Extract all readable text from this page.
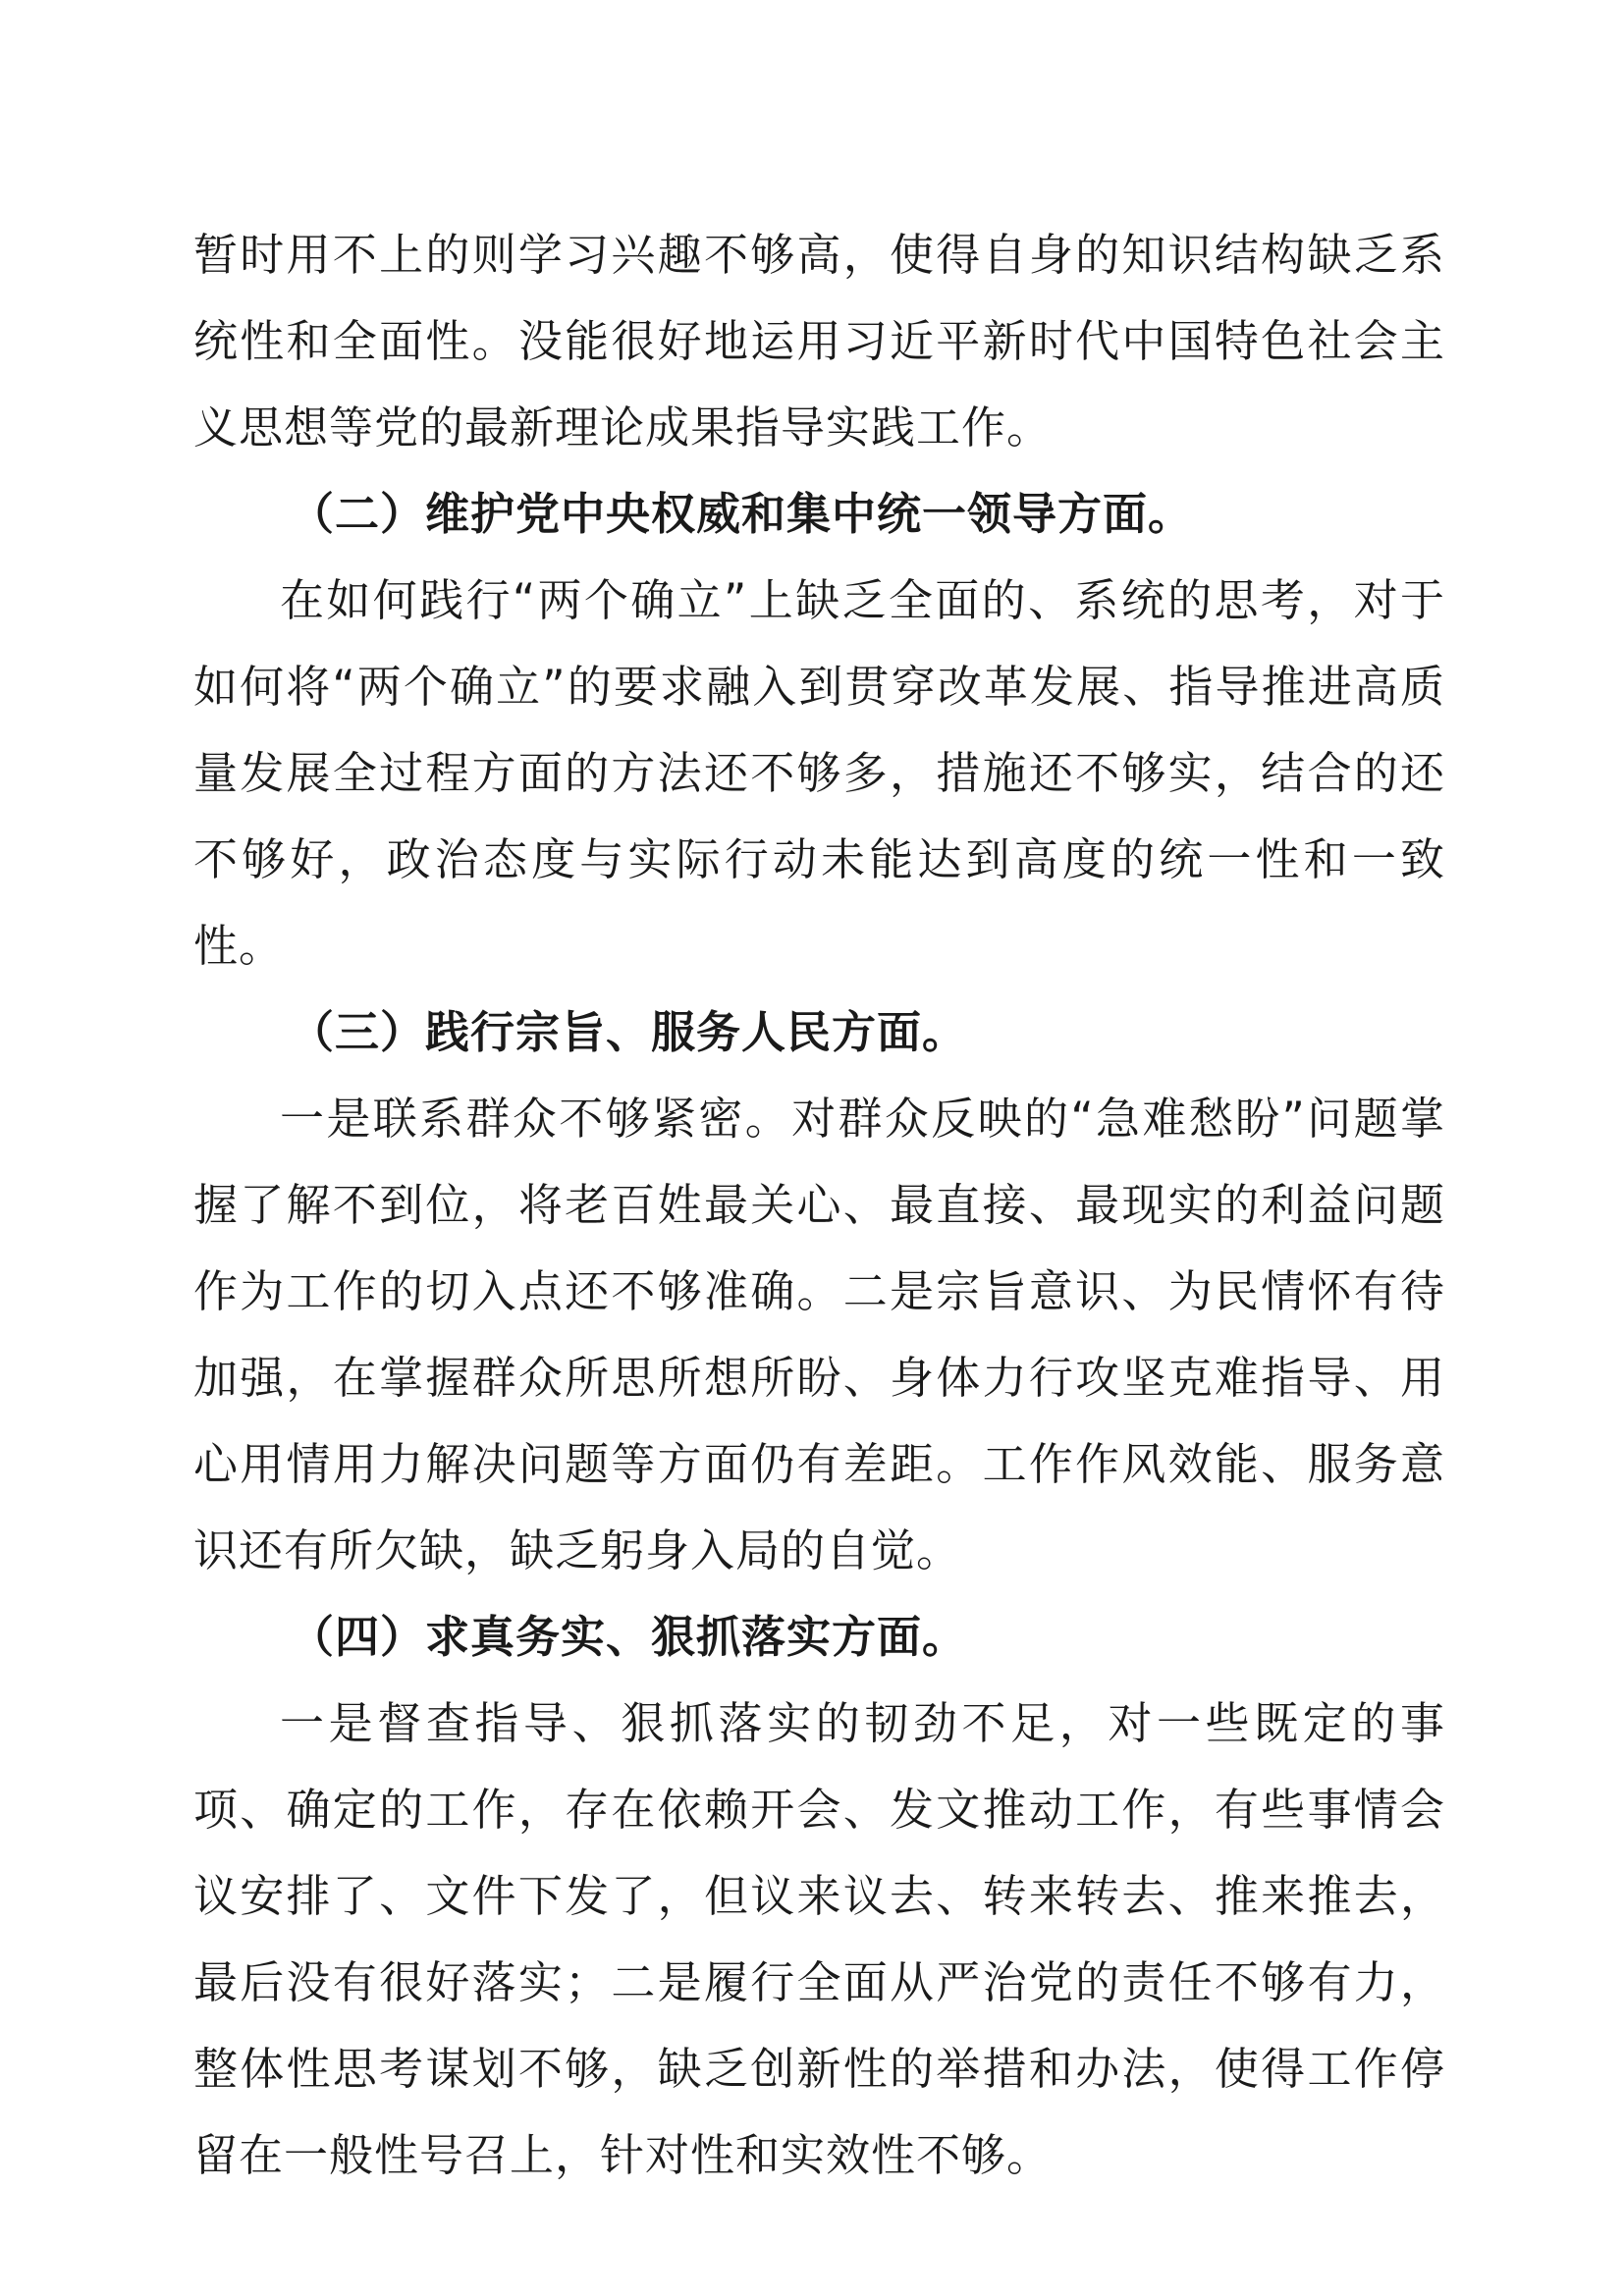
暂时用不上的则学习兴趣不够高，使得自身的知识结构缺乏系统性和全面性。没能很好地运用习近平新时代中国特色社会主义思想等党的最新理论成果指导实践工作。

（二）维护党中央权威和集中统一领导方面。

在如何践行“两个确立”上缺乏全面的、系统的思考，对于如何将“两个确立”的要求融入到贯穿改革发展、指导推进高质量发展全过程方面的方法还不够多，措施还不够实，结合的还不够好，政治态度与实际行动未能达到高度的统一性和一致性。

（三）践行宗旨、服务人民方面。

一是联系群众不够紧密。对群众反映的“急难愁盼”问题掌握了解不到位，将老百姓最关心、最直接、最现实的利益问题作为工作的切入点还不够准确。二是宗旨意识、为民情怀有待加强，在掌握群众所思所想所盼、身体力行攻坚克难指导、用心用情用力解决问题等方面仍有差距。工作作风效能、服务意识还有所欠缺，缺乏躬身入局的自觉。

（四）求真务实、狠抓落实方面。

一是督查指导、狠抓落实的韧劲不足，对一些既定的事项、确定的工作，存在依赖开会、发文推动工作，有些事情会议安排了、文件下发了，但议来议去、转来转去、推来推去，最后没有很好落实；二是履行全面从严治党的责任不够有力，整体性思考谋划不够，缺乏创新性的举措和办法，使得工作停留在一般性号召上，针对性和实效性不够。
